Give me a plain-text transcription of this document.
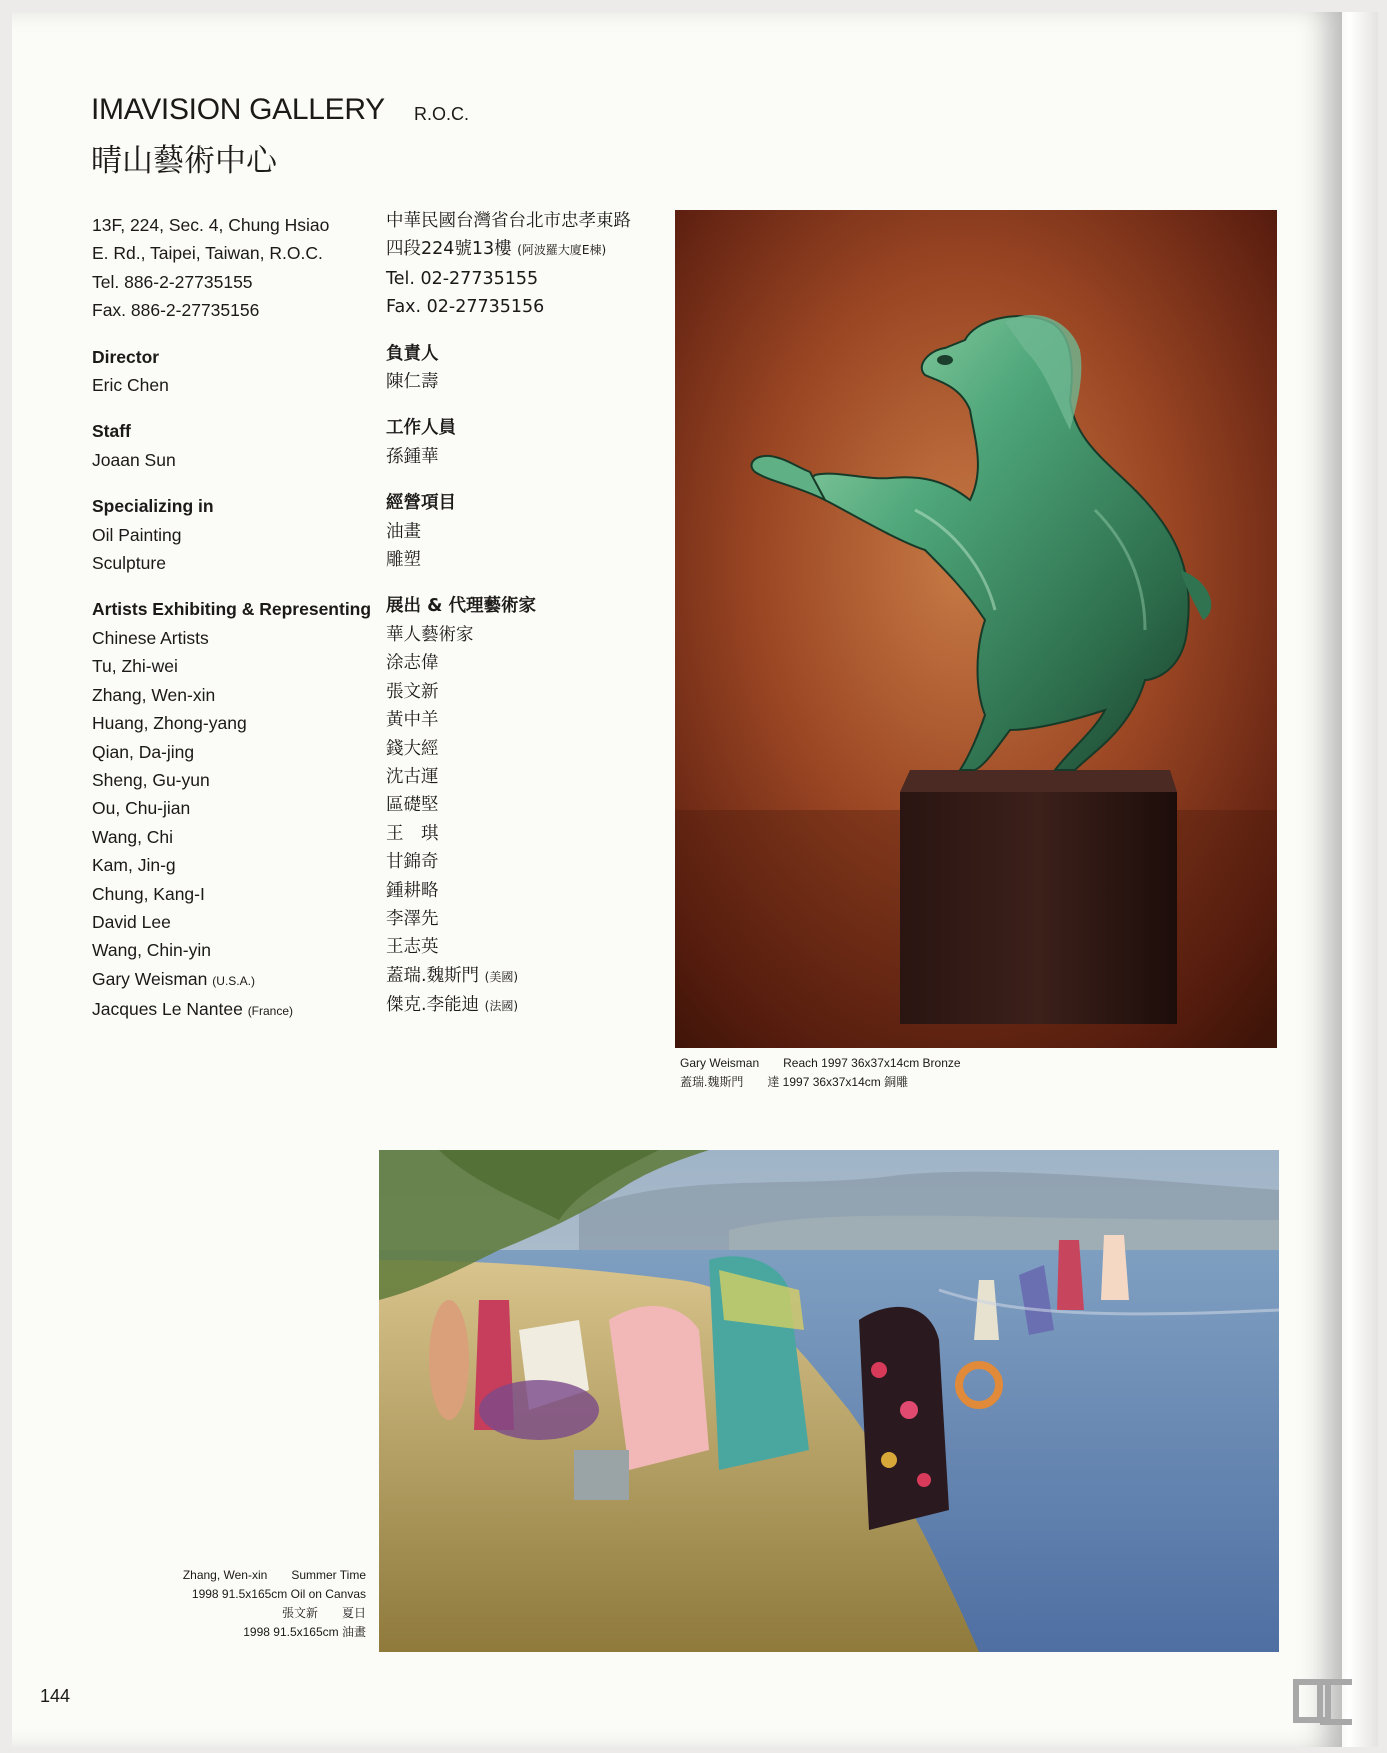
IMAVISION GALLERY R.O.C.
晴山藝術中心
13F, 224, Sec. 4, Chung Hsiao
E. Rd., Taipei, Taiwan, R.O.C.
Tel. 886-2-27735155
Fax. 886-2-27735156
Director
Eric Chen
Staff
Joaan Sun
Specializing in
Oil Painting
Sculpture
Artists Exhibiting & Representing
Chinese Artists
Tu, Zhi-wei
Zhang, Wen-xin
Huang, Zhong-yang
Qian, Da-jing
Sheng, Gu-yun
Ou, Chu-jian
Wang, Chi
Kam, Jin-g
Chung, Kang-I
David Lee
Wang, Chin-yin
Gary Weisman (U.S.A.)
Jacques Le Nantee (France)
中華民國台灣省台北市忠孝東路
四段224號13樓 (阿波羅大廈E棟)
Tel. 02-27735155
Fax. 02-27735156
負責人
陳仁壽
工作人員
孫鍾華
經營項目
油畫
雕塑
展出 & 代理藝術家
華人藝術家
涂志偉
張文新
黃中羊
錢大經
沈古運
區礎堅
王　琪
甘錦奇
鍾耕略
李澤先
王志英
蓋瑞.魏斯門 (美國)
傑克.李能迪 (法國)
Gary Weisman　　Reach 1997 36x37x14cm Bronze
蓋瑞.魏斯門　　達 1997 36x37x14cm 銅雕
Zhang, Wen-xin　　Summer Time
1998 91.5x165cm Oil on Canvas
張文新　　夏日
1998 91.5x165cm 油畫
144
